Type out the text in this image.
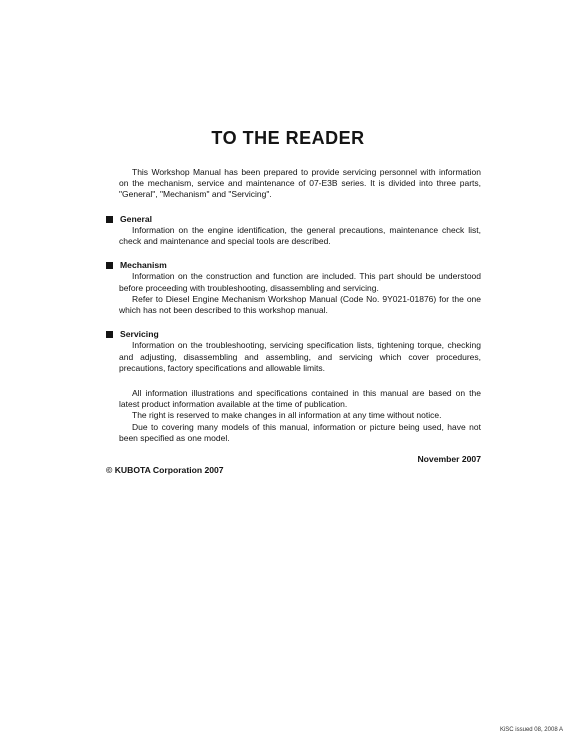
TO THE READER

This Workshop Manual has been prepared to provide servicing personnel with information on the mechanism, service and maintenance of 07-E3B series. It is divided into three parts, "General", "Mechanism" and "Servicing".

General

Information on the engine identification, the general precautions, maintenance check list, check and maintenance and special tools are described.

Mechanism

Information on the construction and function are included. This part should be understood before proceeding with troubleshooting, disassembling and servicing.

Refer to Diesel Engine Mechanism Workshop Manual (Code No. 9Y021-01876) for the one which has not been described to this workshop manual.

Servicing

Information on the troubleshooting, servicing specification lists, tightening torque, checking and adjusting, disassembling and assembling, and servicing which cover procedures, precautions, factory specifications and allowable limits.

All information illustrations and specifications contained in this manual are based on the latest product information available at the time of publication.

The right is reserved to make changes in all information at any time without notice.

Due to covering many models of this manual, information or picture being used, have not been specified as one model.

November 2007
© KUBOTA Corporation 2007
KiSC issued 08, 2008 A
